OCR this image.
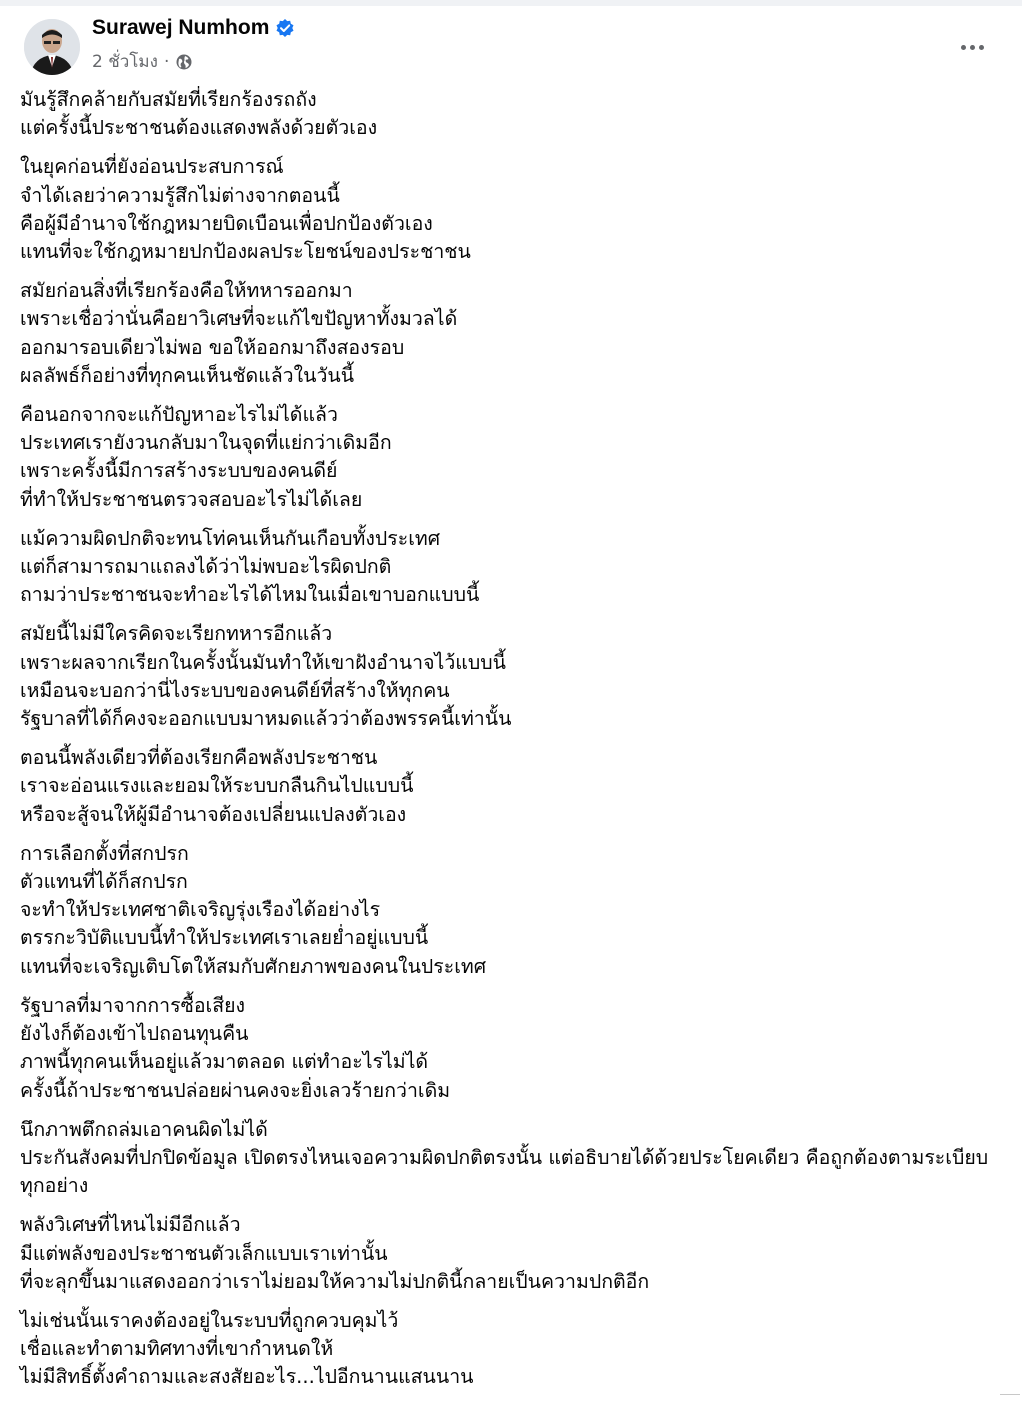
Surawej Numhom
2 ชั่วโมง ·
มันรู้สึกคล้ายกับสมัยที่เรียกร้องรถถัง
แต่ครั้งนี้ประชาชนต้องแสดงพลังด้วยตัวเอง
ในยุคก่อนที่ยังอ่อนประสบการณ์
จำได้เลยว่าความรู้สึกไม่ต่างจากตอนนี้
คือผู้มีอำนาจใช้กฎหมายบิดเบือนเพื่อปกป้องตัวเอง
แทนที่จะใช้กฎหมายปกป้องผลประโยชน์ของประชาชน
สมัยก่อนสิ่งที่เรียกร้องคือให้ทหารออกมา
เพราะเชื่อว่านั่นคือยาวิเศษที่จะแก้ไขปัญหาทั้งมวลได้
ออกมารอบเดียวไม่พอ ขอให้ออกมาถึงสองรอบ
ผลลัพธ์ก็อย่างที่ทุกคนเห็นชัดแล้วในวันนี้
คือนอกจากจะแก้ปัญหาอะไรไม่ได้แล้ว
ประเทศเรายังวนกลับมาในจุดที่แย่กว่าเดิมอีก
เพราะครั้งนี้มีการสร้างระบบของคนดีย์
ที่ทำให้ประชาชนตรวจสอบอะไรไม่ได้เลย
แม้ความผิดปกติจะทนโท่คนเห็นกันเกือบทั้งประเทศ
แต่ก็สามารถมาแถลงได้ว่าไม่พบอะไรผิดปกติ
ถามว่าประชาชนจะทำอะไรได้ไหมในเมื่อเขาบอกแบบนี้
สมัยนี้ไม่มีใครคิดจะเรียกทหารอีกแล้ว
เพราะผลจากเรียกในครั้งนั้นมันทำให้เขาฝังอำนาจไว้แบบนี้
เหมือนจะบอกว่านี่ไงระบบของคนดีย์ที่สร้างให้ทุกคน
รัฐบาลที่ได้ก็คงจะออกแบบมาหมดแล้วว่าต้องพรรคนี้เท่านั้น
ตอนนี้พลังเดียวที่ต้องเรียกคือพลังประชาชน
เราจะอ่อนแรงและยอมให้ระบบกลืนกินไปแบบนี้
หรือจะสู้จนให้ผู้มีอำนาจต้องเปลี่ยนแปลงตัวเอง
การเลือกตั้งที่สกปรก
ตัวแทนที่ได้ก็สกปรก
จะทำให้ประเทศชาติเจริญรุ่งเรืองได้อย่างไร
ตรรกะวิบัติแบบนี้ทำให้ประเทศเราเลยย่ำอยู่แบบนี้
แทนที่จะเจริญเติบโตให้สมกับศักยภาพของคนในประเทศ
รัฐบาลที่มาจากการซื้อเสียง
ยังไงก็ต้องเข้าไปถอนทุนคืน
ภาพนี้ทุกคนเห็นอยู่แล้วมาตลอด แต่ทำอะไรไม่ได้
ครั้งนี้ถ้าประชาชนปล่อยผ่านคงจะยิ่งเลวร้ายกว่าเดิม
นึกภาพตึกถล่มเอาคนผิดไม่ได้
ประกันสังคมที่ปกปิดข้อมูล เปิดตรงไหนเจอความผิดปกติตรงนั้น แต่อธิบายได้ด้วยประโยคเดียว คือถูกต้องตามระเบียบทุกอย่าง
พลังวิเศษที่ไหนไม่มีอีกแล้ว
มีแต่พลังของประชาชนตัวเล็กแบบเราเท่านั้น
ที่จะลุกขึ้นมาแสดงออกว่าเราไม่ยอมให้ความไม่ปกตินี้กลายเป็นความปกติอีก
ไม่เช่นนั้นเราคงต้องอยู่ในระบบที่ถูกควบคุมไว้
เชื่อและทำตามทิศทางที่เขากำหนดให้
ไม่มีสิทธิ์ตั้งคำถามและสงสัยอะไร...ไปอีกนานแสนนาน
